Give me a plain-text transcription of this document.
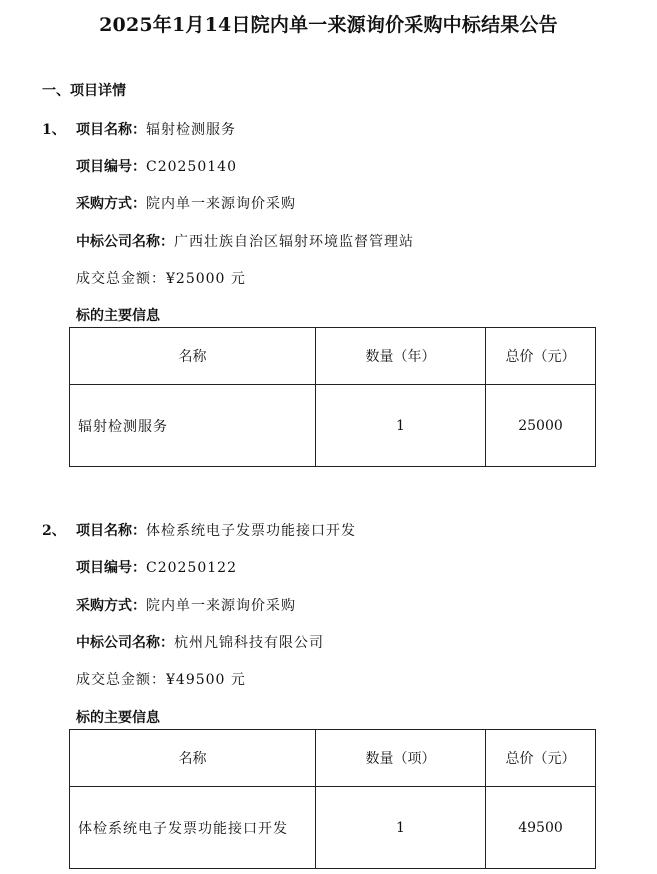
2025年1月14日院内单一来源询价采购中标结果公告
一、项目详情
1、 项目名称：辐射检测服务
项目编号：C20250140
采购方式：院内单一来源询价采购
中标公司名称：广西壮族自治区辐射环境监督管理站
成交总金额：¥25000 元
标的主要信息
名称	数量（年）	总价（元）
辐射检测服务	1	25000
2、 项目名称：体检系统电子发票功能接口开发
项目编号：C20250122
采购方式：院内单一来源询价采购
中标公司名称：杭州凡锦科技有限公司
成交总金额：¥49500 元
标的主要信息
名称	数量（项）	总价（元）
体检系统电子发票功能接口开发	1	49500
